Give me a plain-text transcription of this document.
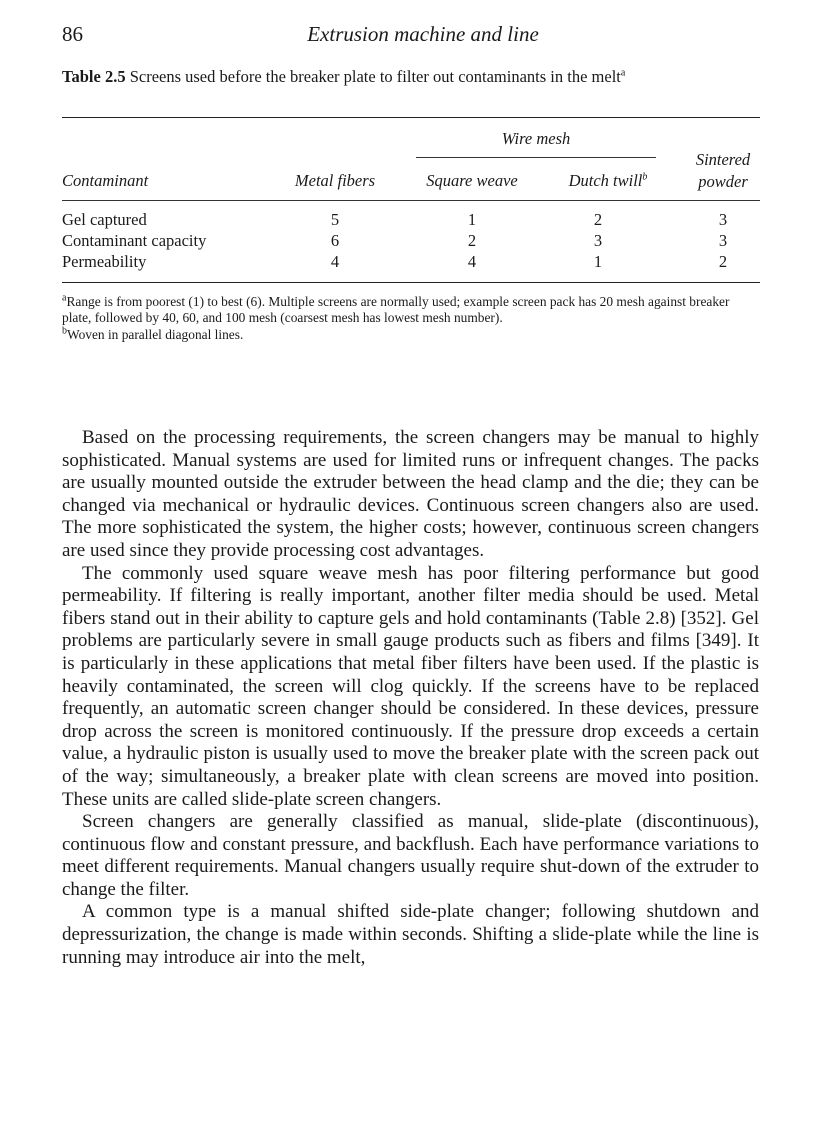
86	Extrusion machine and line
Table 2.5 Screens used before the breaker plate to filter out contaminants in the melt$^a$
Wire mesh
Contaminant	Metal fibers	Square weave	Dutch twill$^b$
Sintered
powder
Gel captured	5	1	2	3
Contaminant capacity	6	2	3	3
Permeability	4	4	1	2
$^a$Range is from poorest (1) to best (6). Multiple screens are normally used; example screen pack has 20 mesh against breaker plate, followed by 40, 60, and 100 mesh (coarsest mesh has lowest mesh number).
$^b$Woven in parallel diagonal lines.

Based on the processing requirements, the screen changers may be manual to highly sophisticated. Manual systems are used for limited runs or infrequent changes. The packs are usually mounted outside the extruder between the head clamp and the die; they can be changed via mechanical or hydraulic devices. Continuous screen changers also are used. The more sophisticated the system, the higher costs; however, continuous screen changers are used since they provide processing cost advantages.

The commonly used square weave mesh has poor filtering performance but good permeability. If filtering is really important, another filter media should be used. Metal fibers stand out in their ability to capture gels and hold contaminants (Table 2.8) [352]. Gel problems are particularly severe in small gauge products such as fibers and films [349]. It is particularly in these applications that metal fiber filters have been used. If the plastic is heavily contaminated, the screen will clog quickly. If the screens have to be replaced frequently, an automatic screen changer should be considered. In these devices, pressure drop across the screen is monitored continuously. If the pressure drop exceeds a certain value, a hydraulic piston is usually used to move the breaker plate with the screen pack out of the way; simultaneously, a breaker plate with clean screens are moved into position. These units are called slide-plate screen changers.

Screen changers are generally classified as manual, slide-plate (discontinuous), continuous flow and constant pressure, and backflush. Each have performance variations to meet different requirements. Manual changers usually require shut-down of the extruder to change the filter.

A common type is a manual shifted side-plate changer; following shutdown and depressurization, the change is made within seconds. Shifting a slide-plate while the line is running may introduce air into the melt,
